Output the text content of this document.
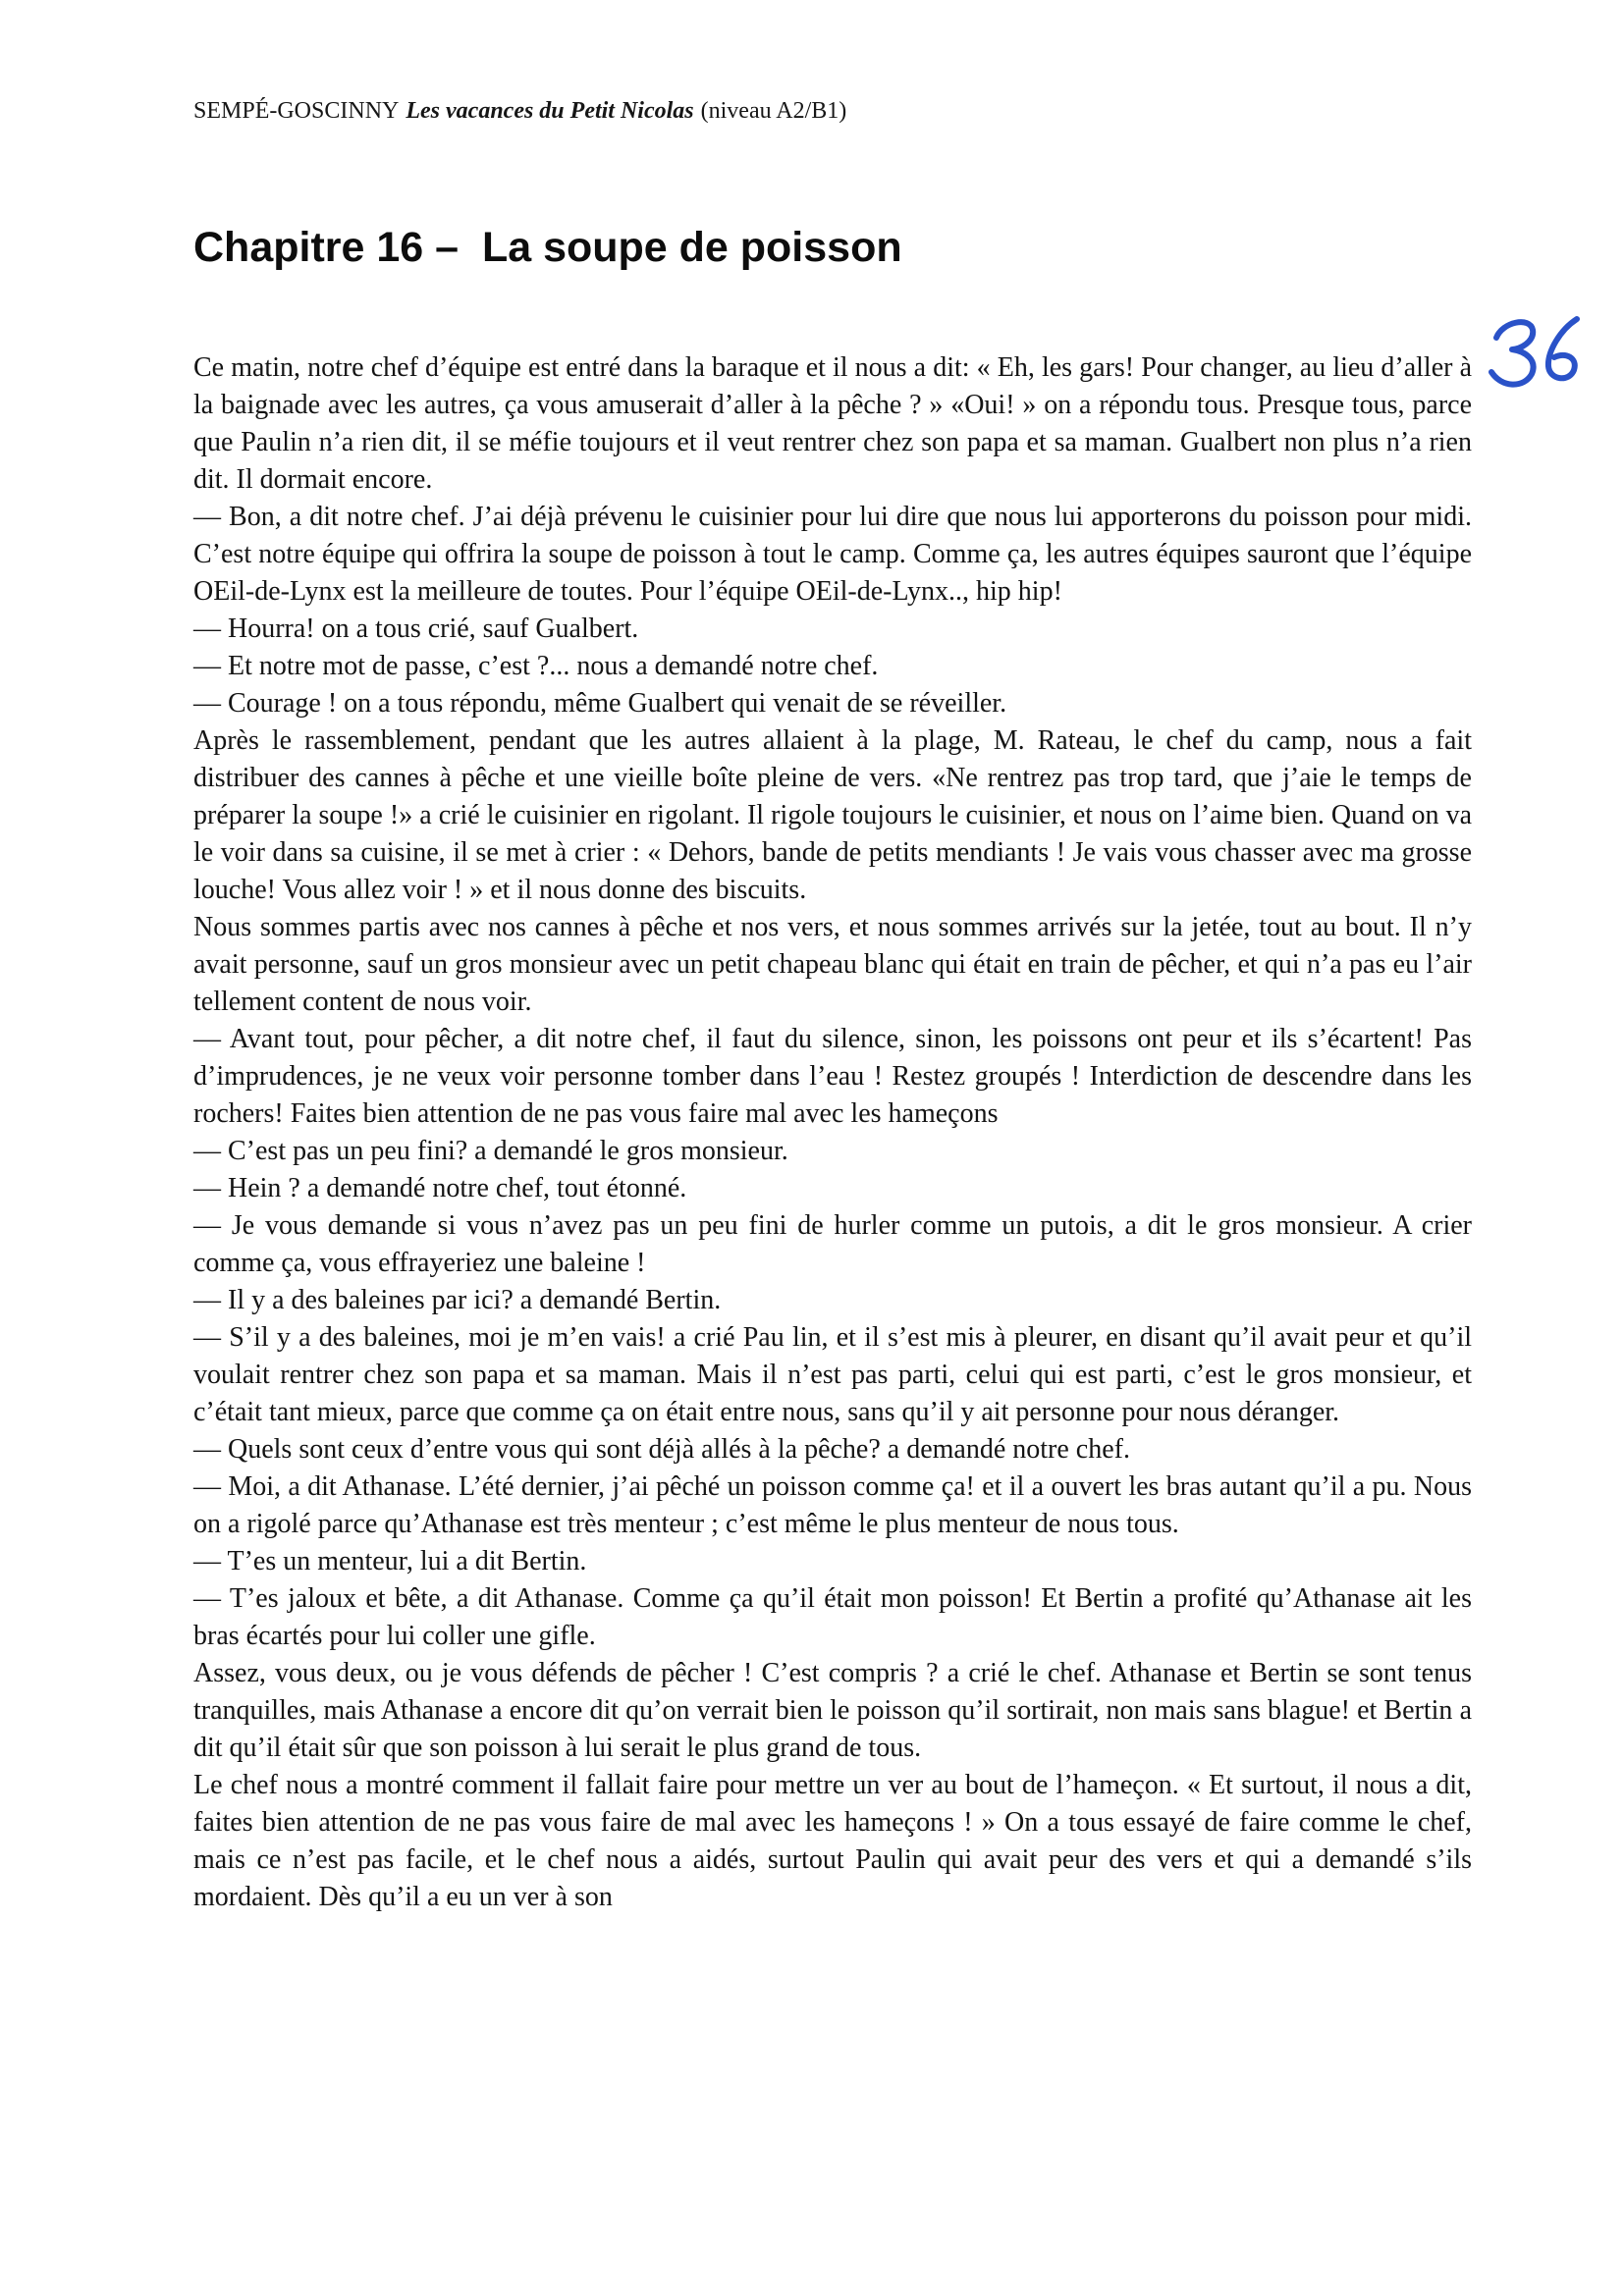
SEMPÉ-GOSCINNY Les vacances du Petit Nicolas (niveau A2/B1)
Chapitre 16 –  La soupe de poisson

Ce matin, notre chef d’équipe est entré dans la baraque et il nous a dit: « Eh, les gars! Pour changer, au lieu d’aller à la baignade avec les autres, ça vous amuserait d’aller à la pêche ? » «Oui! » on a répondu tous. Presque tous, parce que Paulin n’a rien dit, il se méfie toujours et il veut rentrer chez son papa et sa maman. Gualbert non plus n’a rien dit. Il dormait encore.

— Bon, a dit notre chef. J’ai déjà prévenu le cuisinier pour lui dire que nous lui apporterons du poisson pour midi. C’est notre équipe qui offrira la soupe de poisson à tout le camp. Comme ça, les autres équipes sauront que l’équipe OEil-de-Lynx est la meilleure de toutes. Pour l’équipe OEil-de-Lynx.., hip hip!

— Hourra! on a tous crié, sauf Gualbert.

— Et notre mot de passe, c’est ?... nous a demandé notre chef.

— Courage ! on a tous répondu, même Gualbert qui venait de se réveiller.

Après le rassemblement, pendant que les autres allaient à la plage, M. Rateau, le chef du camp, nous a fait distribuer des cannes à pêche et une vieille boîte pleine de vers. «Ne rentrez pas trop tard, que j’aie le temps de préparer la soupe !» a crié le cuisinier en rigolant. Il rigole toujours le cuisinier, et nous on l’aime bien. Quand on va le voir dans sa cuisine, il se met à crier : « Dehors, bande de petits mendiants ! Je vais vous chasser avec ma grosse louche! Vous allez voir ! » et il nous donne des biscuits.

Nous sommes partis avec nos cannes à pêche et nos vers, et nous sommes arrivés sur la jetée, tout au bout. Il n’y avait personne, sauf un gros monsieur avec un petit chapeau blanc qui était en train de pêcher, et qui n’a pas eu l’air tellement content de nous voir.

— Avant tout, pour pêcher, a dit notre chef, il faut du silence, sinon, les poissons ont peur et ils s’écartent! Pas d’imprudences, je ne veux voir personne tomber dans l’eau ! Restez groupés ! Interdiction de descendre dans les rochers! Faites bien attention de ne pas vous faire mal avec les hameçons

— C’est pas un peu fini? a demandé le gros monsieur.

— Hein ? a demandé notre chef, tout étonné.

— Je vous demande si vous n’avez pas un peu fini de hurler comme un putois, a dit le gros monsieur. A crier comme ça, vous effrayeriez une baleine !

— Il y a des baleines par ici? a demandé Bertin.

— S’il y a des baleines, moi je m’en vais! a crié Pau lin, et il s’est mis à pleurer, en disant qu’il avait peur et qu’il voulait rentrer chez son papa et sa maman. Mais il n’est pas parti, celui qui est parti, c’est le gros monsieur, et c’était tant mieux, parce que comme ça on était entre nous, sans qu’il y ait personne pour nous déranger.

— Quels sont ceux d’entre vous qui sont déjà allés à la pêche? a demandé notre chef.

— Moi, a dit Athanase. L’été dernier, j’ai pêché un poisson comme ça! et il a ouvert les bras autant qu’il a pu. Nous on a rigolé parce qu’Athanase est très menteur ; c’est même le plus menteur de nous tous.

— T’es un menteur, lui a dit Bertin.

— T’es jaloux et bête, a dit Athanase. Comme ça qu’il était mon poisson! Et Bertin a profité qu’Athanase ait les bras écartés pour lui coller une gifle.

Assez, vous deux, ou je vous défends de pêcher ! C’est compris ? a crié le chef. Athanase et Bertin se sont tenus tranquilles, mais Athanase a encore dit qu’on verrait bien le poisson qu’il sortirait, non mais sans blague! et Bertin a dit qu’il était sûr que son poisson à lui serait le plus grand de tous.

Le chef nous a montré comment il fallait faire pour mettre un ver au bout de l’hameçon. « Et surtout, il nous a dit, faites bien attention de ne pas vous faire de mal avec les hameçons ! » On a tous essayé de faire comme le chef, mais ce n’est pas facile, et le chef nous a aidés, surtout Paulin qui avait peur des vers et qui a demandé s’ils mordaient. Dès qu’il a eu un ver à son
